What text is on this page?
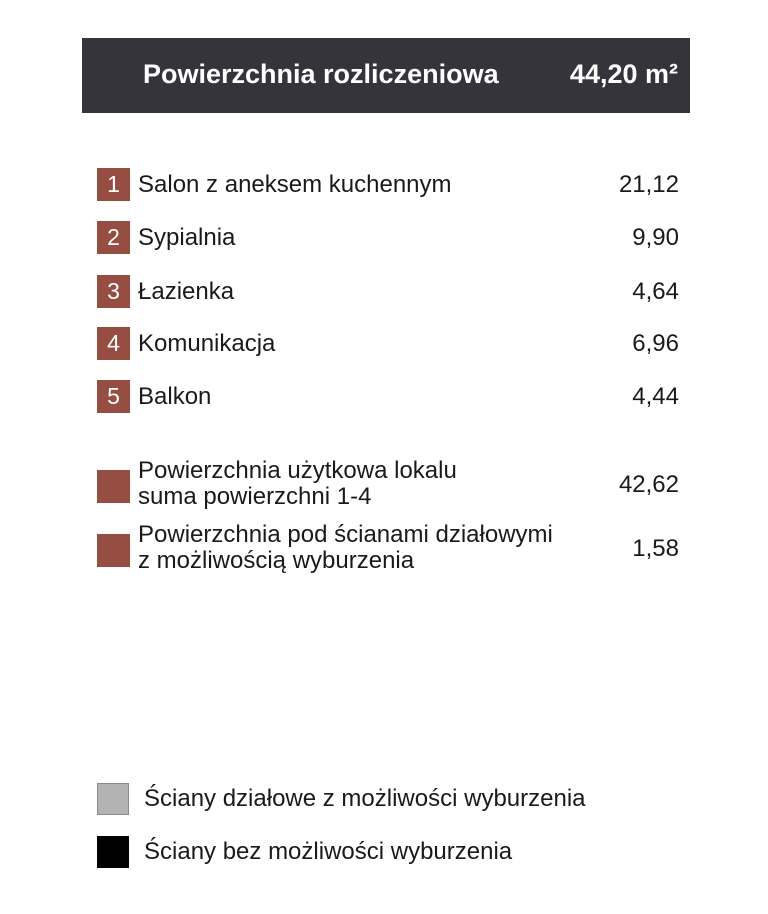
Powierzchnia rozliczeniowa	44,20 m²
1 Salon z aneksem kuchennym	21,12
2 Sypialnia	9,90
3 Łazienka	4,64
4 Komunikacja	6,96
5 Balkon	4,44
Powierzchnia użytkowa lokalu
suma powierzchni 1-4	42,62
Powierzchnia pod ścianami działowymi
z możliwością wyburzenia	1,58
Ściany działowe z możliwości wyburzenia
Ściany bez możliwości wyburzenia
